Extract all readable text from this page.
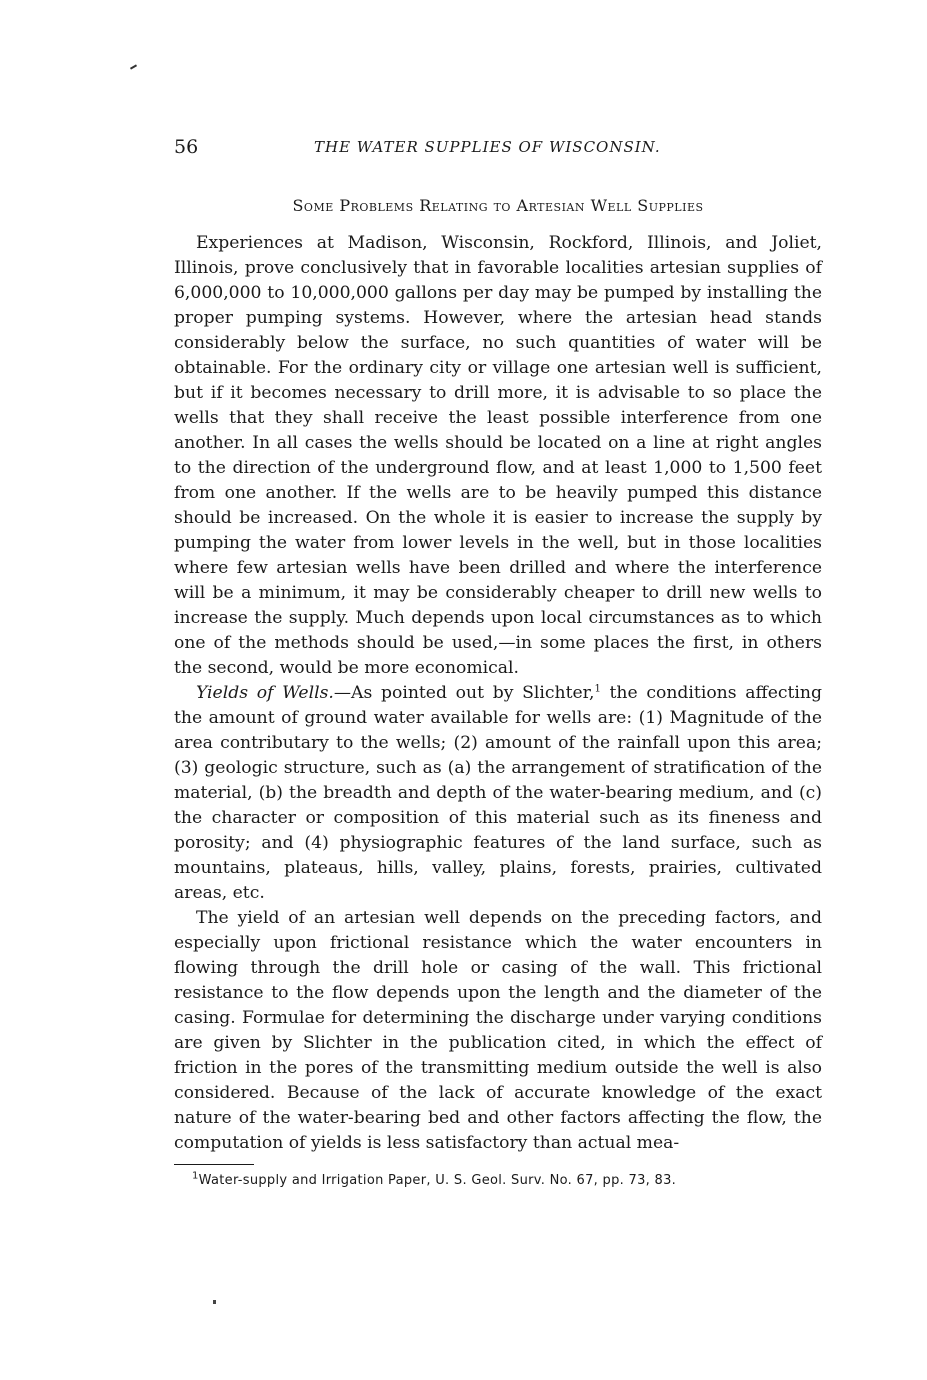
56	THE WATER SUPPLIES OF WISCONSIN.
Some Problems Relating to Artesian Well Supplies

Experiences at Madison, Wisconsin, Rockford, Illinois, and Joliet, Illinois, prove conclusively that in favorable localities artesian supplies of 6,000,000 to 10,000,000 gallons per day may be pumped by installing the proper pumping systems. However, where the artesian head stands considerably below the surface, no such quantities of water will be obtainable. For the ordinary city or village one artesian well is sufficient, but if it becomes necessary to drill more, it is advisable to so place the wells that they shall receive the least possible interference from one another. In all cases the wells should be located on a line at right angles to the direction of the underground flow, and at least 1,000 to 1,500 feet from one another. If the wells are to be heavily pumped this distance should be increased. On the whole it is easier to increase the supply by pumping the water from lower levels in the well, but in those localities where few artesian wells have been drilled and where the interference will be a minimum, it may be considerably cheaper to drill new wells to increase the supply. Much depends upon local circumstances as to which one of the methods should be used,—in some places the first, in others the second, would be more economical.

Yields of Wells.—As pointed out by Slichter,$^1$ the conditions affecting the amount of ground water available for wells are: (1) Magnitude of the area contributary to the wells; (2) amount of the rainfall upon this area; (3) geologic structure, such as (a) the arrangement of stratification of the material, (b) the breadth and depth of the water-bearing medium, and (c) the character or composition of this material such as its fineness and porosity; and (4) physiographic features of the land surface, such as mountains, plateaus, hills, valley, plains, forests, prairies, cultivated areas, etc.

The yield of an artesian well depends on the preceding factors, and especially upon frictional resistance which the water encounters in flowing through the drill hole or casing of the wall. This frictional resistance to the flow depends upon the length and the diameter of the casing. Formulae for determining the discharge under varying conditions are given by Slichter in the publication cited, in which the effect of friction in the pores of the transmitting medium outside the well is also considered. Because of the lack of accurate knowledge of the exact nature of the water-bearing bed and other factors affecting the flow, the computation of yields is less satisfactory than actual mea-

$^1$Water-supply and Irrigation Paper, U. S. Geol. Surv. No. 67, pp. 73, 83.
